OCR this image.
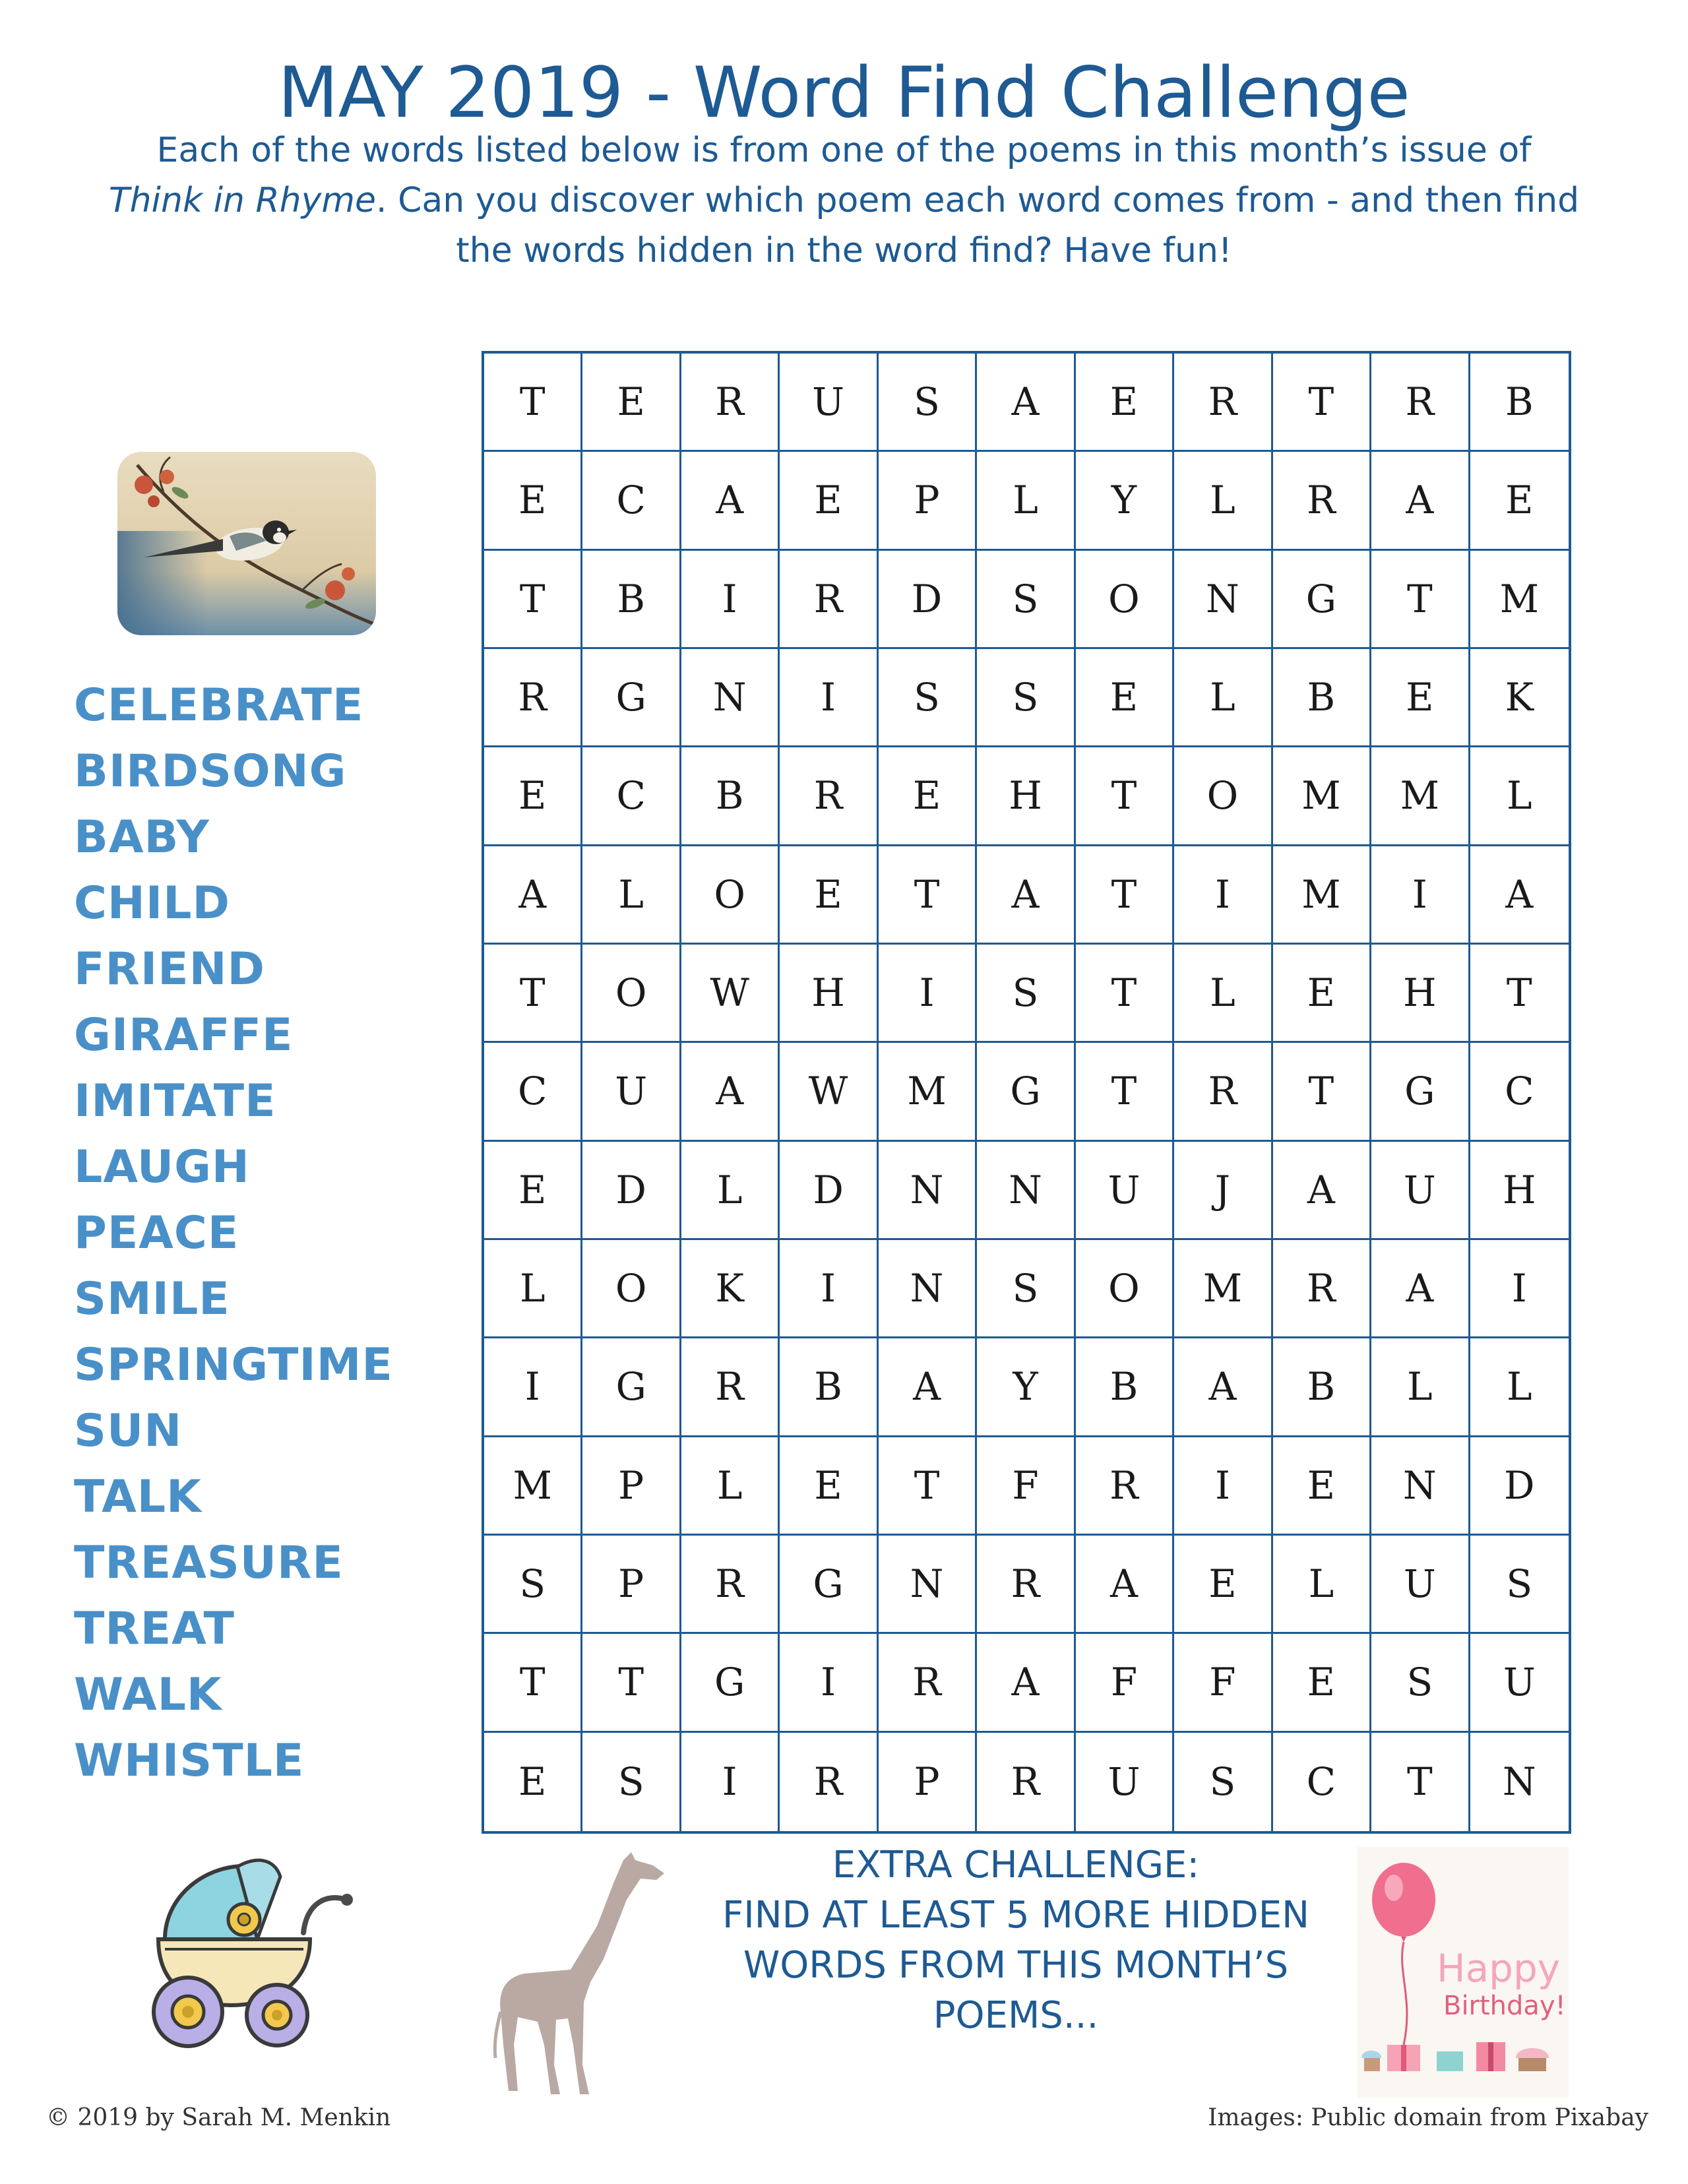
MAY 2019 - Word Find Challenge
Each of the words listed below is from one of the poems in this month’s issue of
Think in Rhyme. Can you discover which poem each word comes from - and then find
the words hidden in the word find? Have fun!
CELEBRATE
BIRDSONG
BABY
CHILD
FRIEND
GIRAFFE
IMITATE
LAUGH
PEACE
SMILE
SPRINGTIME
SUN
TALK
TREASURE
TREAT
WALK
WHISTLE
T	E	R	U	S	A	E	R	T	R	B
E	C	A	E	P	L	Y	L	R	A	E
T	B	I	R	D	S	O	N	G	T	M
R	G	N	I	S	S	E	L	B	E	K
E	C	B	R	E	H	T	O	M	M	L
A	L	O	E	T	A	T	I	M	I	A
T	O	W	H	I	S	T	L	E	H	T
C	U	A	W	M	G	T	R	T	G	C
E	D	L	D	N	N	U	J	A	U	H
L	O	K	I	N	S	O	M	R	A	I
I	G	R	B	A	Y	B	A	B	L	L
M	P	L	E	T	F	R	I	E	N	D
S	P	R	G	N	R	A	E	L	U	S
T	T	G	I	R	A	F	F	E	S	U
E	S	I	R	P	R	U	S	C	T	N
EXTRA CHALLENGE:
FIND AT LEAST 5 MORE HIDDEN
WORDS FROM THIS MONTH’S
POEMS...
Happy
Birthday!
© 2019 by Sarah M. Menkin	Images: Public domain from Pixabay
